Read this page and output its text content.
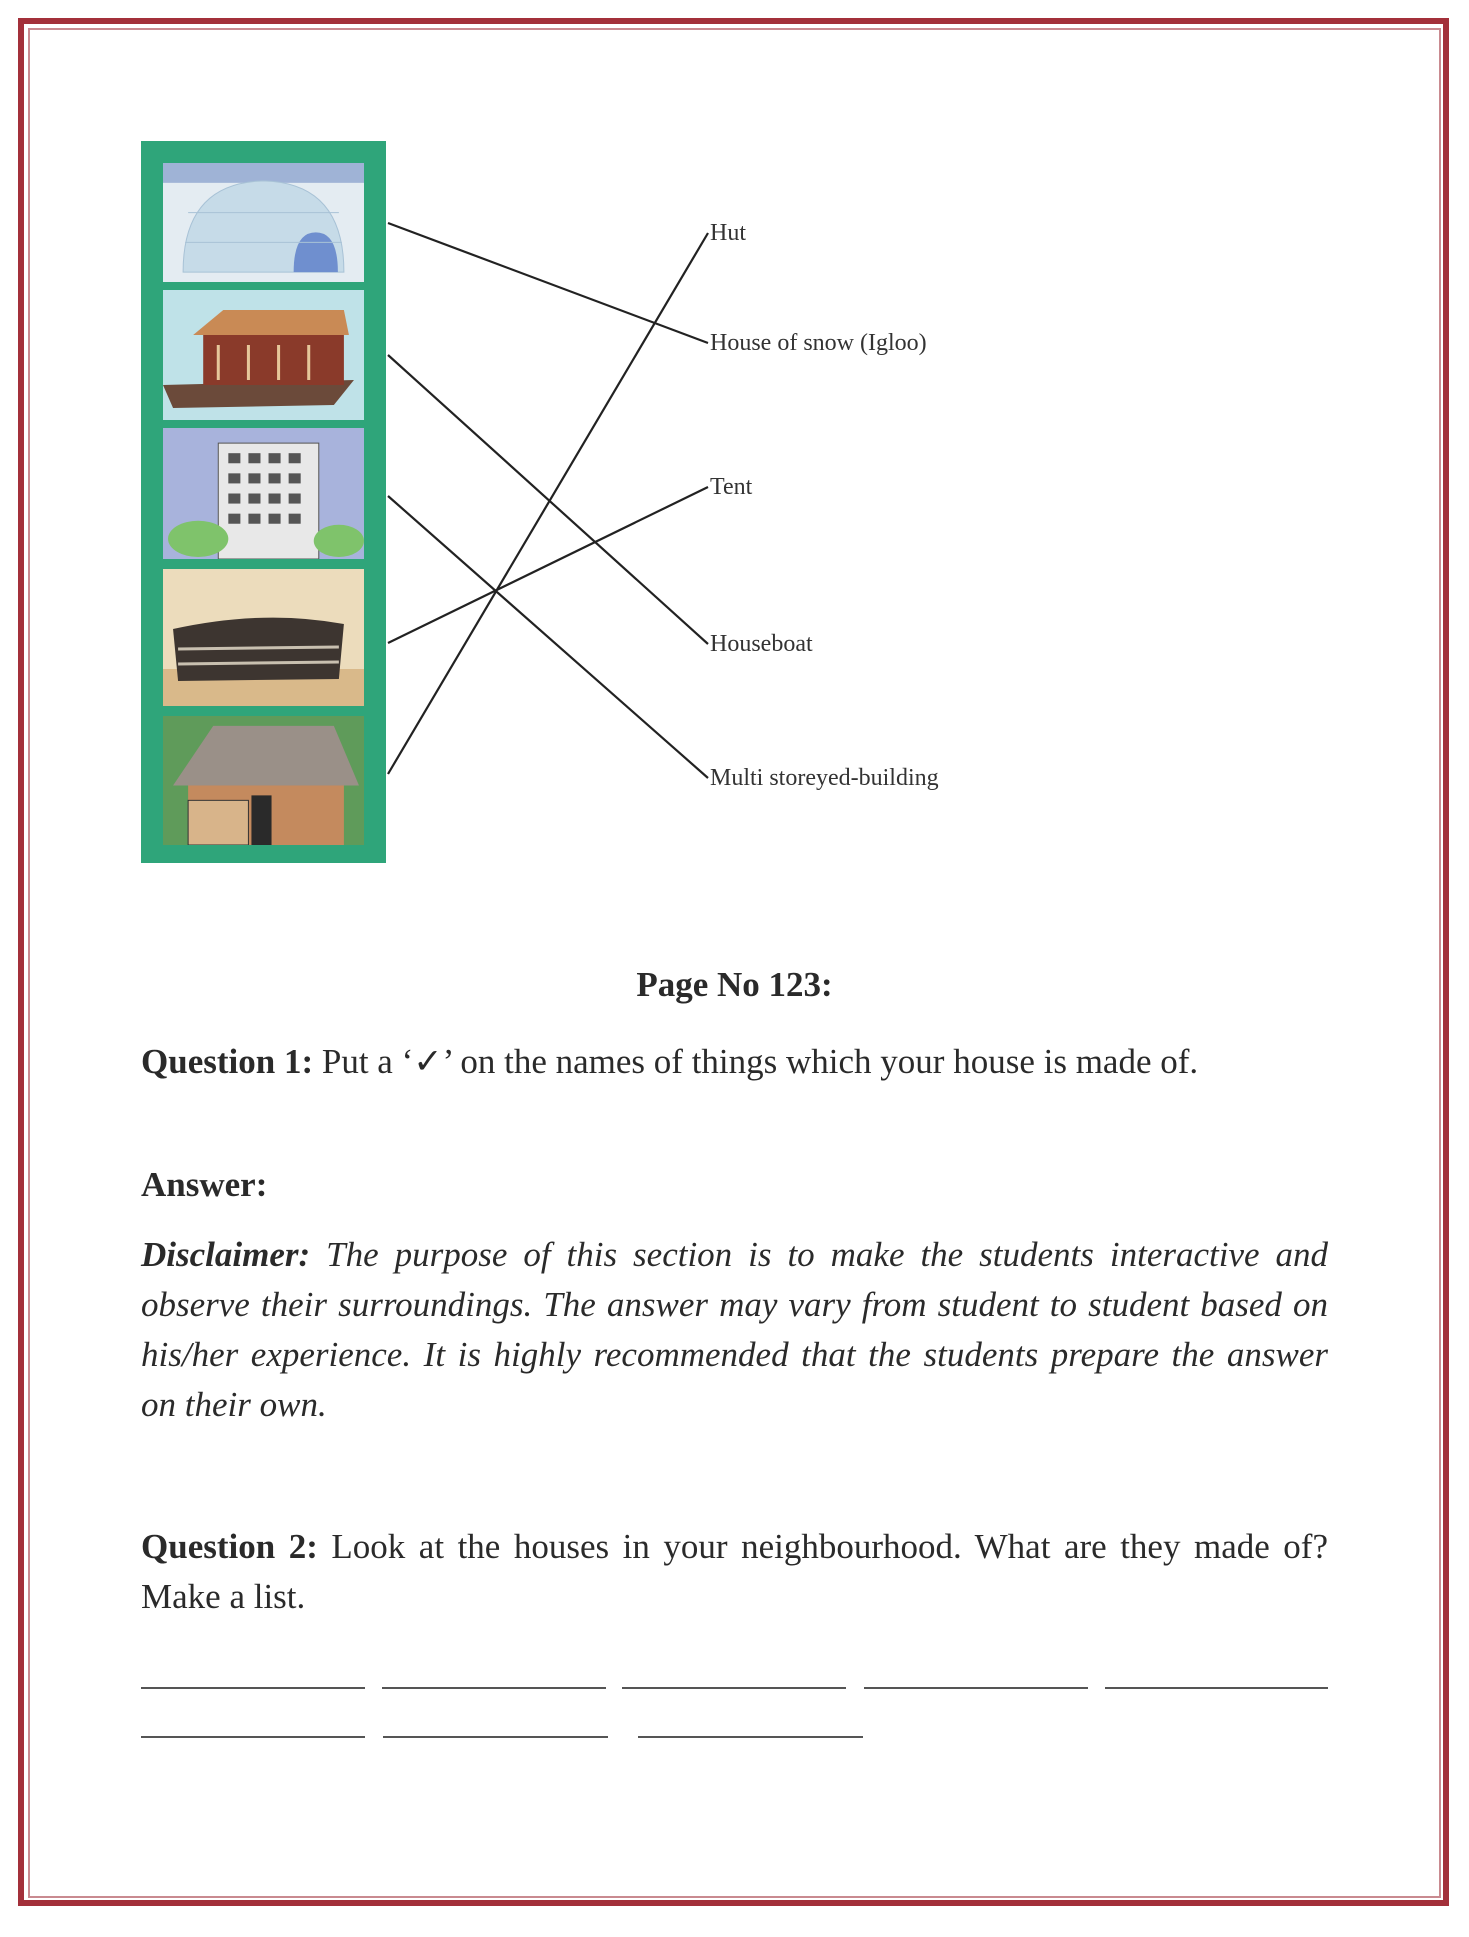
Hut
House of snow (Igloo)
Tent
Houseboat
Multi storeyed-building
Page No 123:
Question 1: Put a ‘✓’ on the names of things which your house is made of.
Answer:
Disclaimer: The purpose of this section is to make the students interactive and observe their surroundings. The answer may vary from student to student based on his/her experience. It is highly recommended that the students prepare the answer on their own.
Question 2: Look at the houses in your neighbourhood. What are they made of? Make a list.
